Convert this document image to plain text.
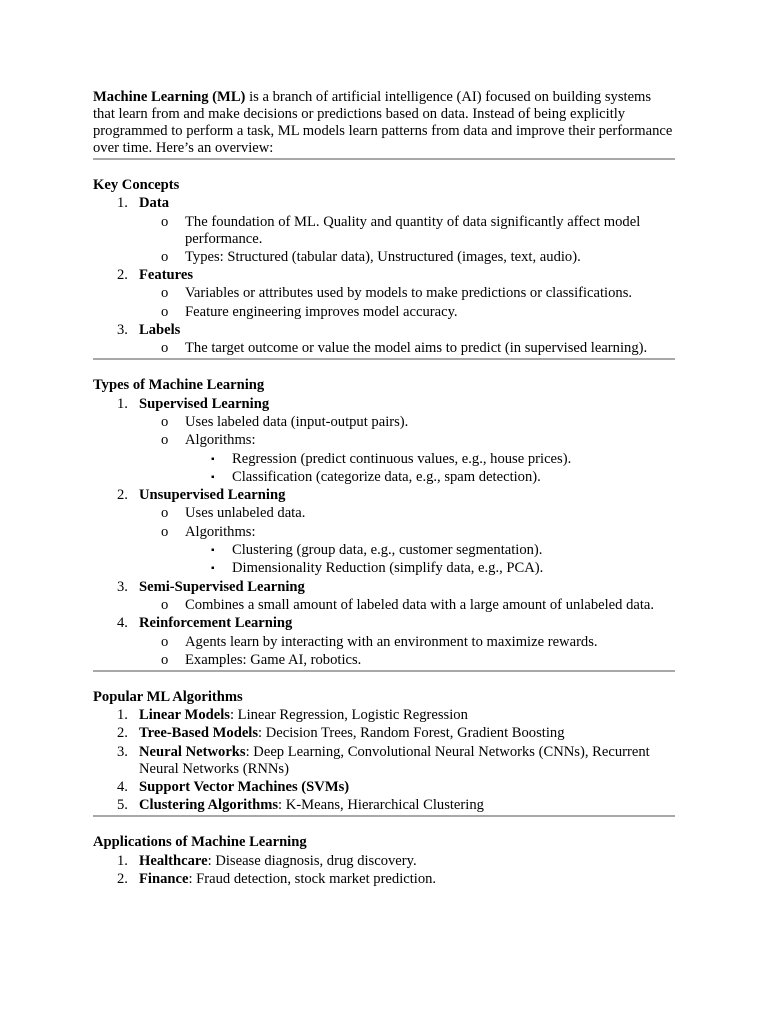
Machine Learning (ML) is a branch of artificial intelligence (AI) focused on building systems that learn from and make decisions or predictions based on data. Instead of being explicitly programmed to perform a task, ML models learn patterns from data and improve their performance over time. Here’s an overview:

Key Concepts

1. Data
o The foundation of ML. Quality and quantity of data significantly affect model performance.
o Types: Structured (tabular data), Unstructured (images, text, audio).
2. Features
o Variables or attributes used by models to make predictions or classifications.
o Feature engineering improves model accuracy.
3. Labels
o The target outcome or value the model aims to predict (in supervised learning).

Types of Machine Learning

1. Supervised Learning
o Uses labeled data (input-output pairs).
o Algorithms:
▪ Regression (predict continuous values, e.g., house prices).
▪ Classification (categorize data, e.g., spam detection).
2. Unsupervised Learning
o Uses unlabeled data.
o Algorithms:
▪ Clustering (group data, e.g., customer segmentation).
▪ Dimensionality Reduction (simplify data, e.g., PCA).
3. Semi-Supervised Learning
o Combines a small amount of labeled data with a large amount of unlabeled data.
4. Reinforcement Learning
o Agents learn by interacting with an environment to maximize rewards.
o Examples: Game AI, robotics.

Popular ML Algorithms

1. Linear Models: Linear Regression, Logistic Regression
2. Tree-Based Models: Decision Trees, Random Forest, Gradient Boosting
3. Neural Networks: Deep Learning, Convolutional Neural Networks (CNNs), Recurrent Neural Networks (RNNs)
4. Support Vector Machines (SVMs)
5. Clustering Algorithms: K-Means, Hierarchical Clustering

Applications of Machine Learning

1. Healthcare: Disease diagnosis, drug discovery.
2. Finance: Fraud detection, stock market prediction.
